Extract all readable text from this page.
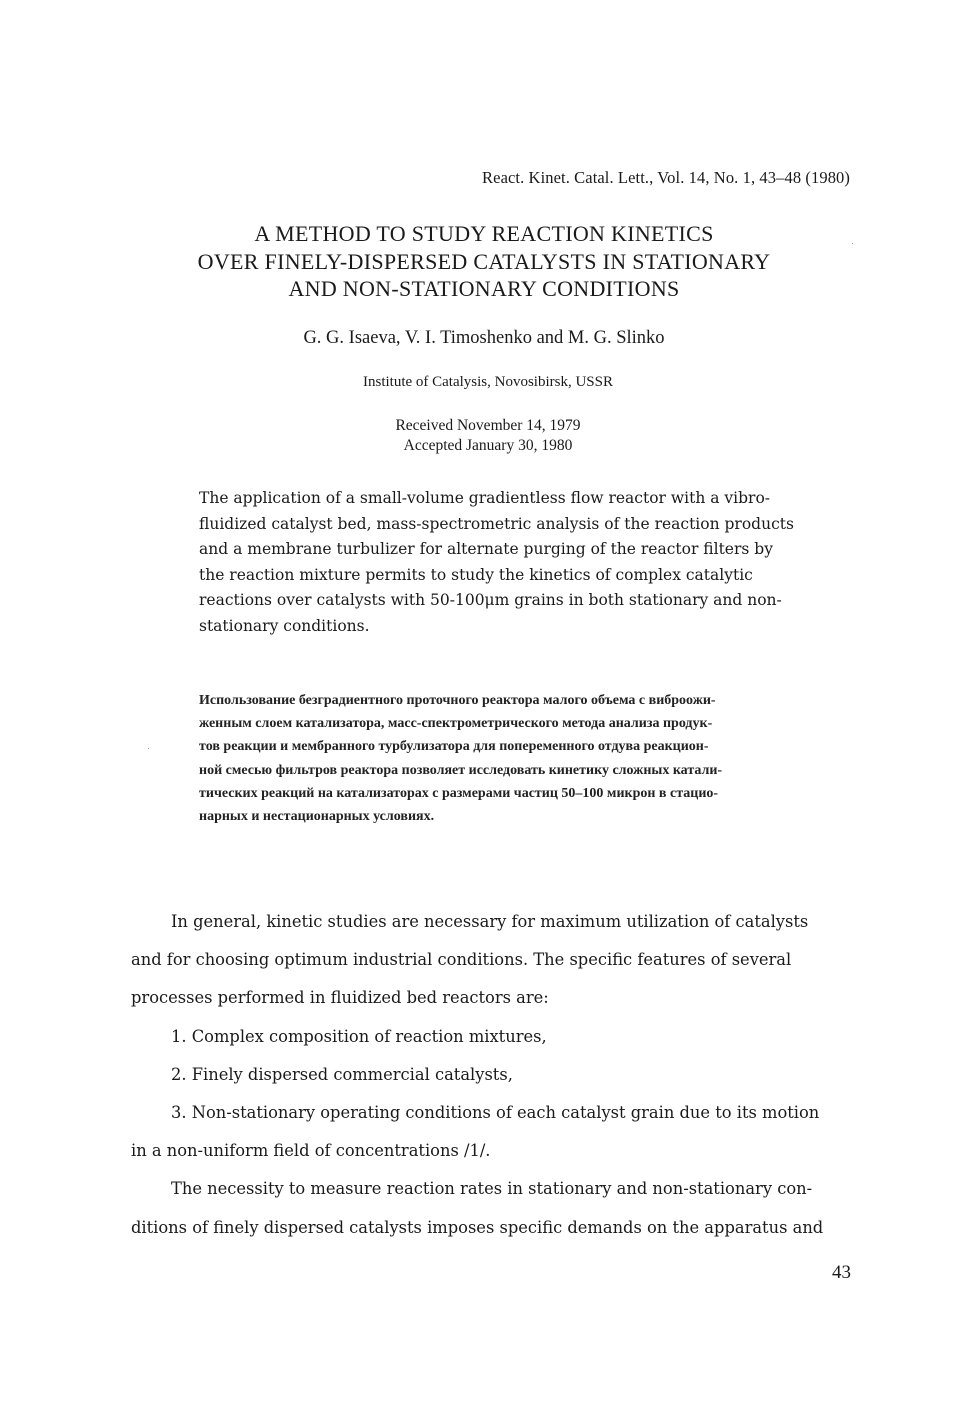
React. Kinet. Catal. Lett., Vol. 14, No. 1, 43–48 (1980)
A METHOD TO STUDY REACTION KINETICS
OVER FINELY-DISPERSED CATALYSTS IN STATIONARY
AND NON-STATIONARY CONDITIONS
G. G. Isaeva, V. I. Timoshenko and M. G. Slinko
Institute of Catalysis, Novosibirsk, USSR
Received November 14, 1979
Accepted January 30, 1980
The application of a small-volume gradientless flow reactor with a vibro-
fluidized catalyst bed, mass-spectrometric analysis of the reaction products
and a membrane turbulizer for alternate purging of the reactor filters by
the reaction mixture permits to study the kinetics of complex catalytic
reactions over catalysts with 50-100μm grains in both stationary and non-
stationary conditions.
Использование безградиентного проточного реактора малого объема с виброожи-
женным слоем катализатора, масс-спектрометрического метода анализа продук-
тов реакции и мембранного турбулизатора для попеременного отдува реакцион-
ной смесью фильтров реактора позволяет исследовать кинетику сложных катали-
тических реакций на катализаторах с размерами частиц 50–100 микрон в стацио-
нарных и нестационарных условиях.
In general, kinetic studies are necessary for maximum utilization of catalysts
and for choosing optimum industrial conditions. The specific features of several
processes performed in fluidized bed reactors are:
1. Complex composition of reaction mixtures,
2. Finely dispersed commercial catalysts,
3. Non-stationary operating conditions of each catalyst grain due to its motion
in a non-uniform field of concentrations /1/.
The necessity to measure reaction rates in stationary and non-stationary con-
ditions of finely dispersed catalysts imposes specific demands on the apparatus and
43
